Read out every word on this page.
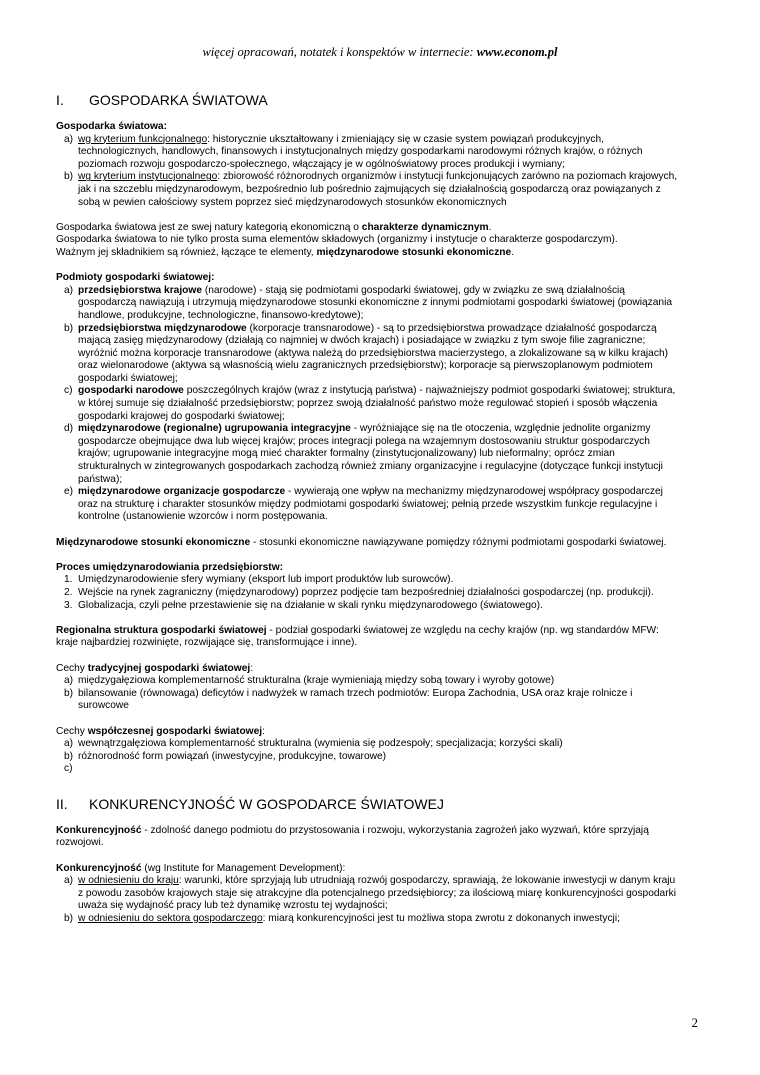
więcej opracowań, notatek i konspektów w internecie: www.econom.pl
I. GOSPODARKA ŚWIATOWA

Gospodarka światowa:

a) wg kryterium funkcjonalnego: historycznie ukształtowany i zmieniający się w czasie system powiązań produkcyjnych, technologicznych, handlowych, finansowych i instytucjonalnych między gospodarkami narodowymi różnych krajów, o różnych poziomach rozwoju gospodarczo-społecznego, włączający je w ogólnoświatowy proces produkcji i wymiany;
b) wg kryterium instytucjonalnego: zbiorowość różnorodnych organizmów i instytucji funkcjonujących zarówno na poziomach krajowych, jak i na szczeblu międzynarodowym, bezpośrednio lub pośrednio zajmujących się działalnością gospodarczą oraz powiązanych z sobą w pewien całościowy system poprzez sieć międzynarodowych stosunków ekonomicznych

Gospodarka światowa jest ze swej natury kategorią ekonomiczną o charakterze dynamicznym.

Gospodarka światowa to nie tylko prosta suma elementów składowych (organizmy i instytucje o charakterze gospodarczym).

Ważnym jej składnikiem są również, łączące te elementy, międzynarodowe stosunki ekonomiczne.

Podmioty gospodarki światowej:

a) przedsiębiorstwa krajowe (narodowe) - stają się podmiotami gospodarki światowej, gdy w związku ze swą działalnością gospodarczą nawiązują i utrzymują międzynarodowe stosunki ekonomiczne z innymi podmiotami gospodarki światowej (powiązania handlowe, produkcyjne, technologiczne, finansowo-kredytowe);
b) przedsiębiorstwa międzynarodowe (korporacje transnarodowe) - są to przedsiębiorstwa prowadzące działalność gospodarczą mającą zasięg międzynarodowy (działają co najmniej w dwóch krajach) i posiadające w związku z tym swoje filie zagraniczne; wyróżnić można korporacje transnarodowe (aktywa należą do przedsiębiorstwa macierzystego, a zlokalizowane są w kilku krajach) oraz wielonarodowe (aktywa są własnością wielu zagranicznych przedsiębiorstw); korporacje są pierwszoplanowym podmiotem gospodarki światowej;
c) gospodarki narodowe poszczególnych krajów (wraz z instytucją państwa) - najważniejszy podmiot gospodarki światowej; struktura, w której sumuje się działalność przedsiębiorstw; poprzez swoją działalność państwo może regulować stopień i sposób włączenia gospodarki krajowej do gospodarki światowej;
d) międzynarodowe (regionalne) ugrupowania integracyjne - wyróżniające się na tle otoczenia, względnie jednolite organizmy gospodarcze obejmujące dwa lub więcej krajów; proces integracji polega na wzajemnym dostosowaniu struktur gospodarczych krajów; ugrupowanie integracyjne mogą mieć charakter formalny (zinstytucjonalizowany) lub nieformalny; oprócz zmian strukturalnych w zintegrowanych gospodarkach zachodzą również zmiany organizacyjne i regulacyjne (dotyczące funkcji instytucji państwa);
e) międzynarodowe organizacje gospodarcze - wywierają one wpływ na mechanizmy międzynarodowej współpracy gospodarczej oraz na strukturę i charakter stosunków między podmiotami gospodarki światowej; pełnią przede wszystkim funkcje regulacyjne i kontrolne (ustanowienie wzorców i norm postępowania.

Międzynarodowe stosunki ekonomiczne - stosunki ekonomiczne nawiązywane pomiędzy różnymi podmiotami gospodarki światowej.

Proces umiędzynarodowiania przedsiębiorstw:

1. Umiędzynarodowienie sfery wymiany (eksport lub import produktów lub surowców).
2. Wejście na rynek zagraniczny (międzynarodowy) poprzez podjęcie tam bezpośredniej działalności gospodarczej (np. produkcji).
3. Globalizacja, czyli pełne przestawienie się na działanie w skali rynku międzynarodowego (światowego).

Regionalna struktura gospodarki światowej - podział gospodarki światowej ze względu na cechy krajów (np. wg standardów MFW: kraje najbardziej rozwinięte, rozwijające się, transformujące i inne).

Cechy tradycyjnej gospodarki światowej:

a) międzygałęziowa komplementarność strukturalna (kraje wymieniają między sobą towary i wyroby gotowe)
b) bilansowanie (równowaga) deficytów i nadwyżek w ramach trzech podmiotów: Europa Zachodnia, USA oraz kraje rolnicze i surowcowe

Cechy współczesnej gospodarki światowej:

a) wewnątrzgałęziowa komplementarność strukturalna (wymienia się podzespoły; specjalizacja; korzyści skali)
b) różnorodność form powiązań (inwestycyjne, produkcyjne, towarowe)
c)

II. KONKURENCYJNOŚĆ W GOSPODARCE ŚWIATOWEJ

Konkurencyjność - zdolność danego podmiotu do przystosowania i rozwoju, wykorzystania zagrożeń jako wyzwań, które sprzyjają rozwojowi.

Konkurencyjność (wg Institute for Management Development):

a) w odniesieniu do kraju: warunki, które sprzyjają lub utrudniają rozwój gospodarczy, sprawiają, że lokowanie inwestycji w danym kraju z powodu zasobów krajowych staje się atrakcyjne dla potencjalnego przedsiębiorcy; za ilościową miarę konkurencyjności gospodarki uważa się wydajność pracy lub też dynamikę wzrostu tej wydajności;
b) w odniesieniu do sektora gospodarczego: miarą konkurencyjności jest tu możliwa stopa zwrotu z dokonanych inwestycji;
2
